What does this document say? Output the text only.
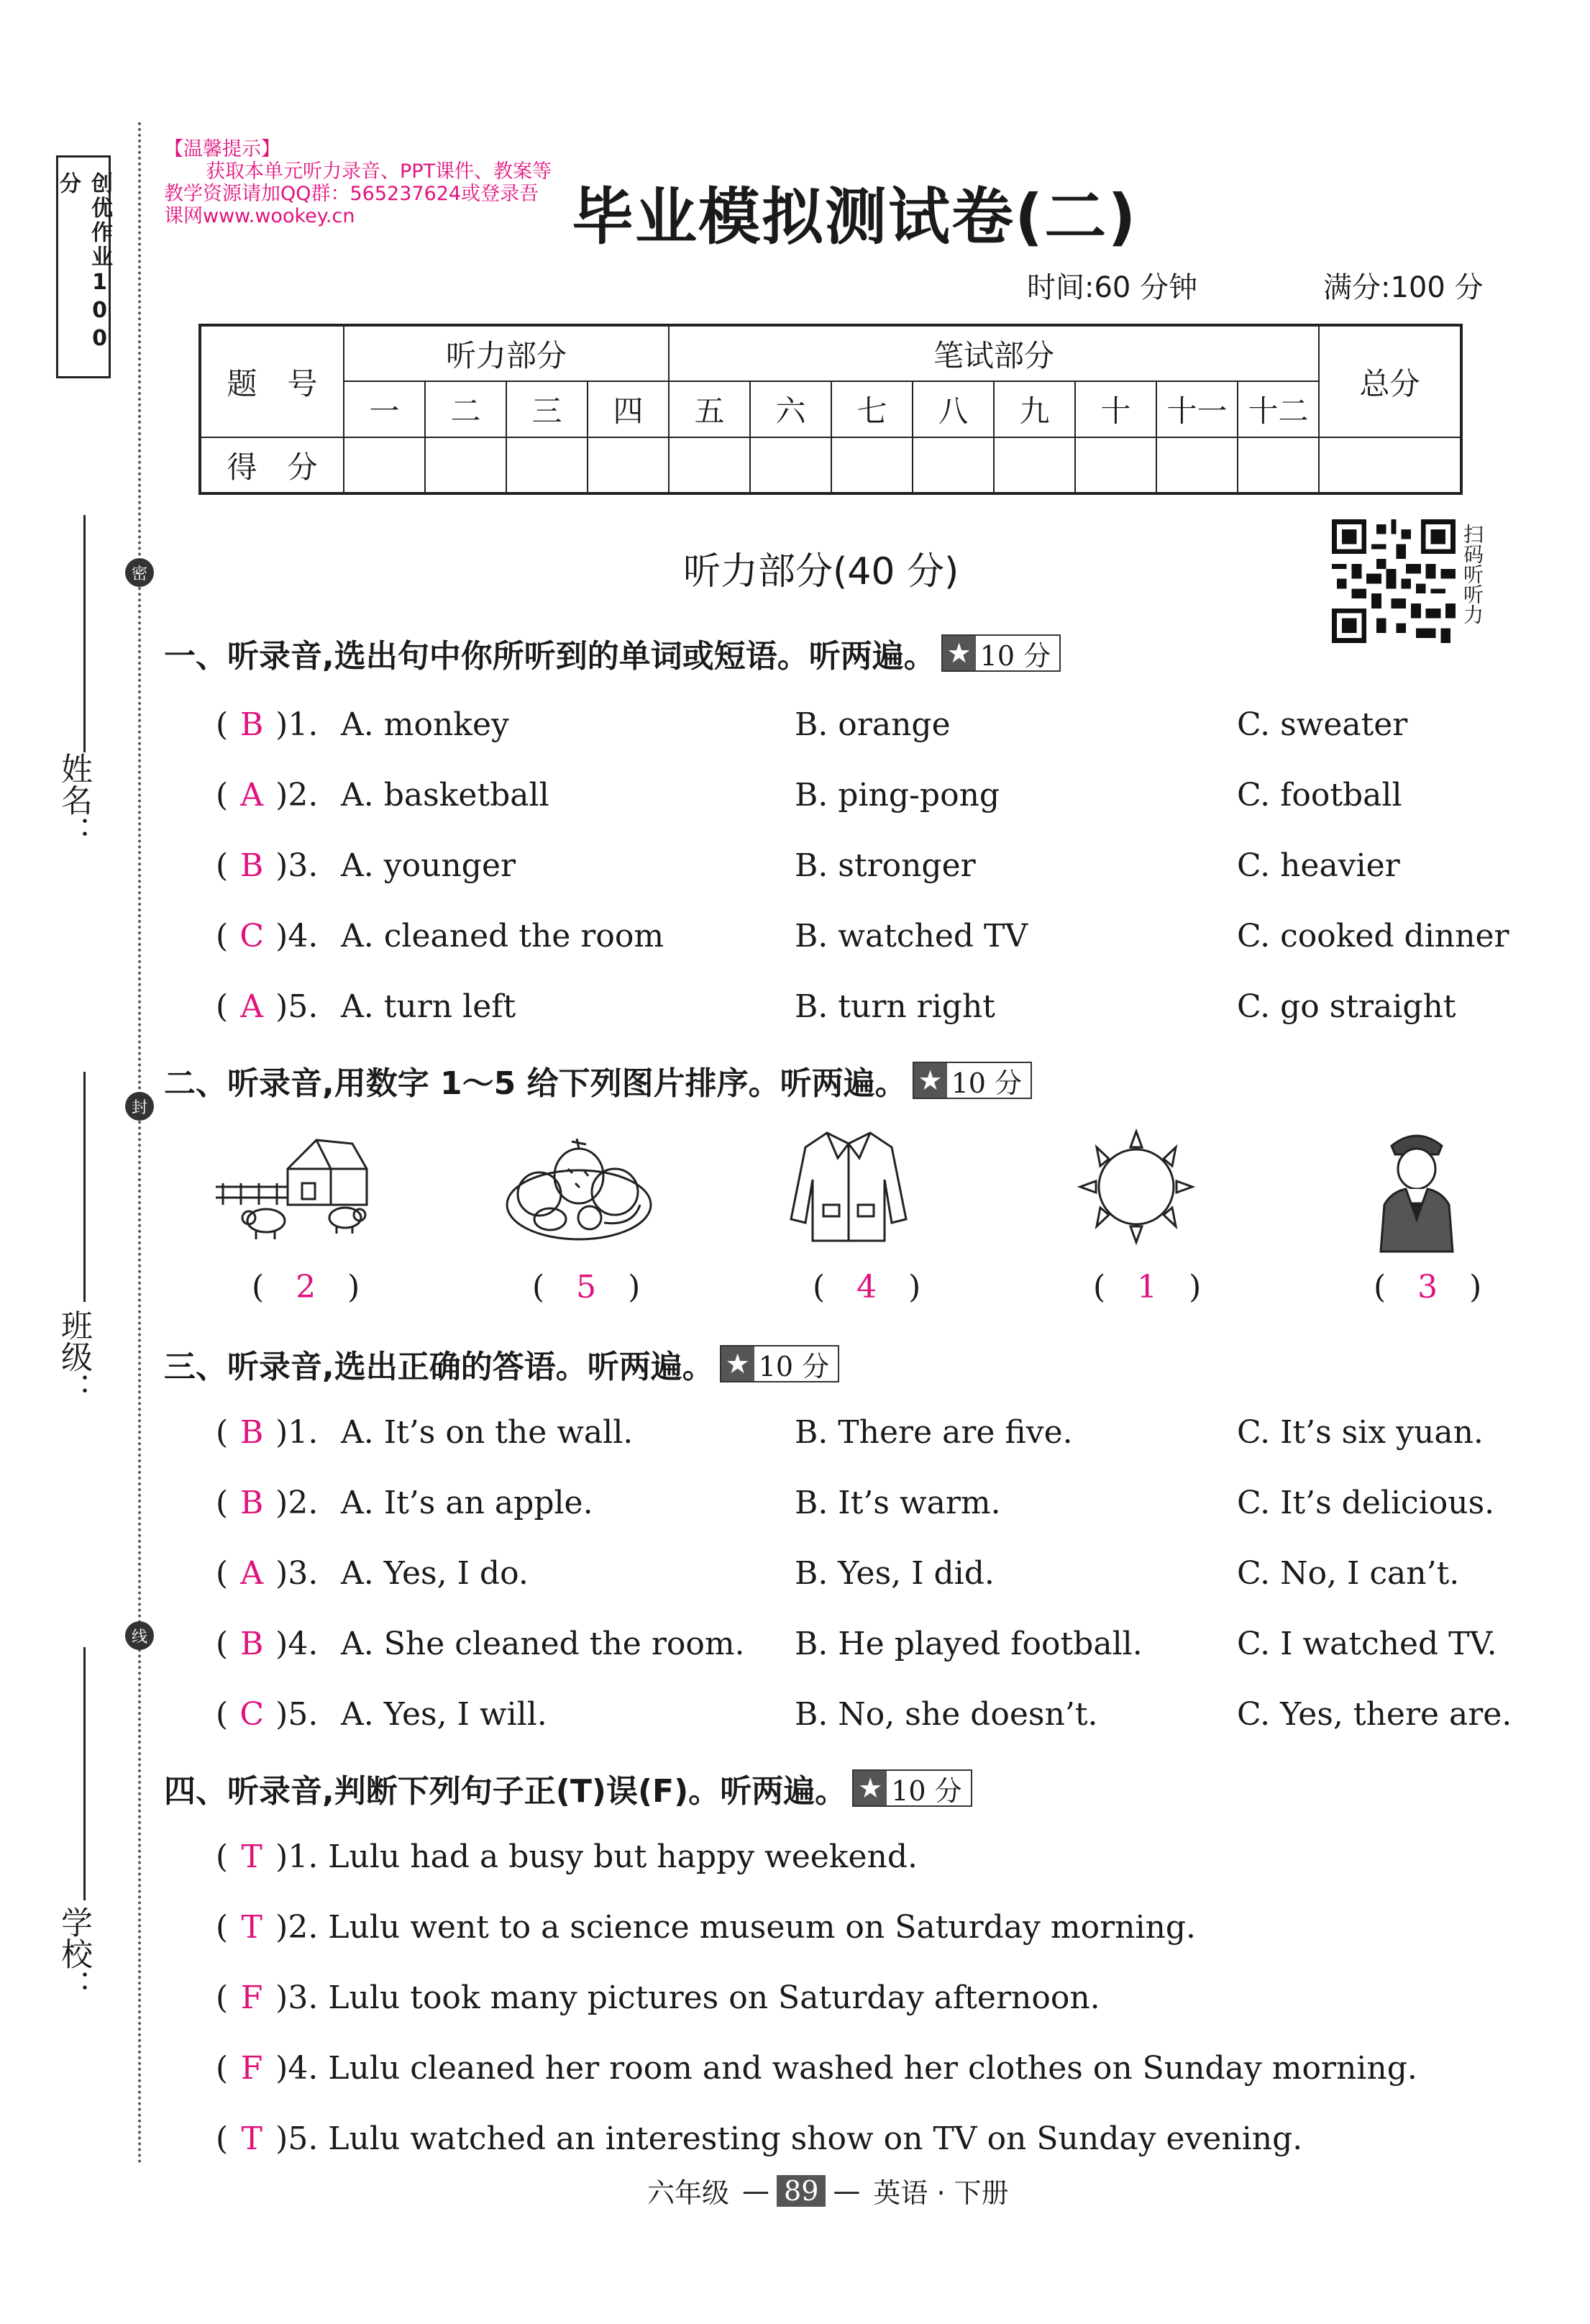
创优作业100分
密
封
线
姓名：
班级：
学校：
【温馨提示】
获取本单元听力录音、PPT课件、教案等教学资源请加QQ群：565237624或登录吾课网www.wookey.cn	毕业模拟测试卷(二)
时间:60 分钟	满分:100 分
题　号	听力部分				笔试部分								总分
	一	二	三	四	五	六	七	八	九	十	十一	十二	
得　分													
听力部分(40 分)	扫码听听力
一、听录音,选出句中你所听到的单词或短语。听两遍。 ★ 10 分
( B )1. A. monkey	B. orange	C. sweater
( A )2. A. basketball	B. ping-pong	C. football
( B )3. A. younger	B. stronger	C. heavier
( C )4. A. cleaned the room	B. watched TV	C. cooked dinner
( A )5. A. turn left	B. turn right	C. go straight
二、听录音,用数字 1～5 给下列图片排序。听两遍。 ★ 10 分
(　2　)	(　5　)	(　4　)	(　1　)	(　3　)
三、听录音,选出正确的答语。听两遍。 ★ 10 分
( B )1. A. It’s on the wall.	B. There are five.	C. It’s six yuan.
( B )2. A. It’s an apple.	B. It’s warm.	C. It’s delicious.
( A )3. A. Yes, I do.	B. Yes, I did.	C. No, I can’t.
( B )4. A. She cleaned the room. B. He played football.	C. I watched TV.
( C )5. A. Yes, I will.	B. No, she doesn’t.	C. Yes, there are.
四、听录音,判断下列句子正(T)误(F)。听两遍。 ★ 10 分
( T )1. Lulu had a busy but happy weekend.
( T )2. Lulu went to a science museum on Saturday morning.
( F )3. Lulu took many pictures on Saturday afternoon.
( F )4. Lulu cleaned her room and washed her clothes on Sunday morning.
( T )5. Lulu watched an interesting show on TV on Sunday evening.
六年级 — 89 — 英语 · 下册
